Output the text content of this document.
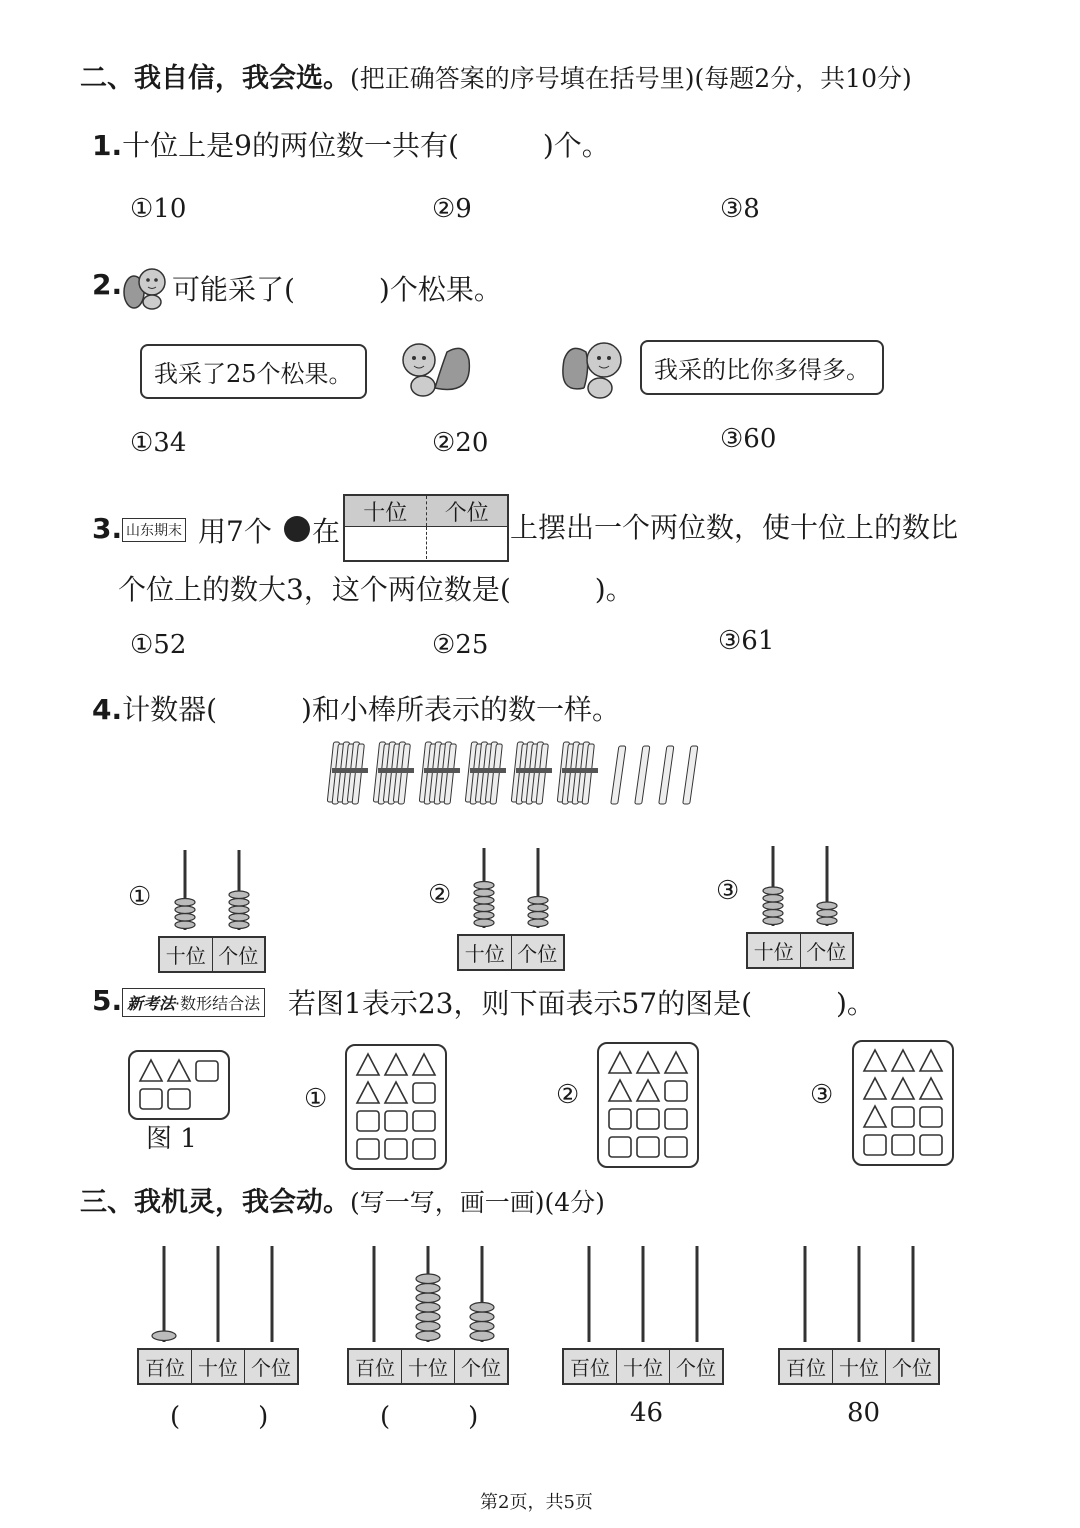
二、我自信，我会选。(把正确答案的序号填在括号里)(每题2分，共10分)
1.十位上是9的两位数一共有(　　　)个。
①10	②9	③8
2. 可能采了(　　　)个松果。
我采了25个松果。	我采的比你多得多。
①34	②20	③60
3. 山东期末 用7个 在
十位	个位 上摆出一个两位数，使十位上的数比
个位上的数大3，这个两位数是(　　　)。
①52	②25	③61
4.计数器(　　　)和小棒所表示的数一样。
①
十位 个位
②
十位 个位
③
十位 个位
5. 新考法·数形结合法 若图1表示23，则下面表示57的图是(　　　)。
图 1
①	②	③
三、我机灵，我会动。(写一写，画一画)(4分)
百位 十位 个位	百位 十位 个位	百位 十位 个位	百位 十位 个位
(　　　)	(　　　)	46	80
第2页，共5页
